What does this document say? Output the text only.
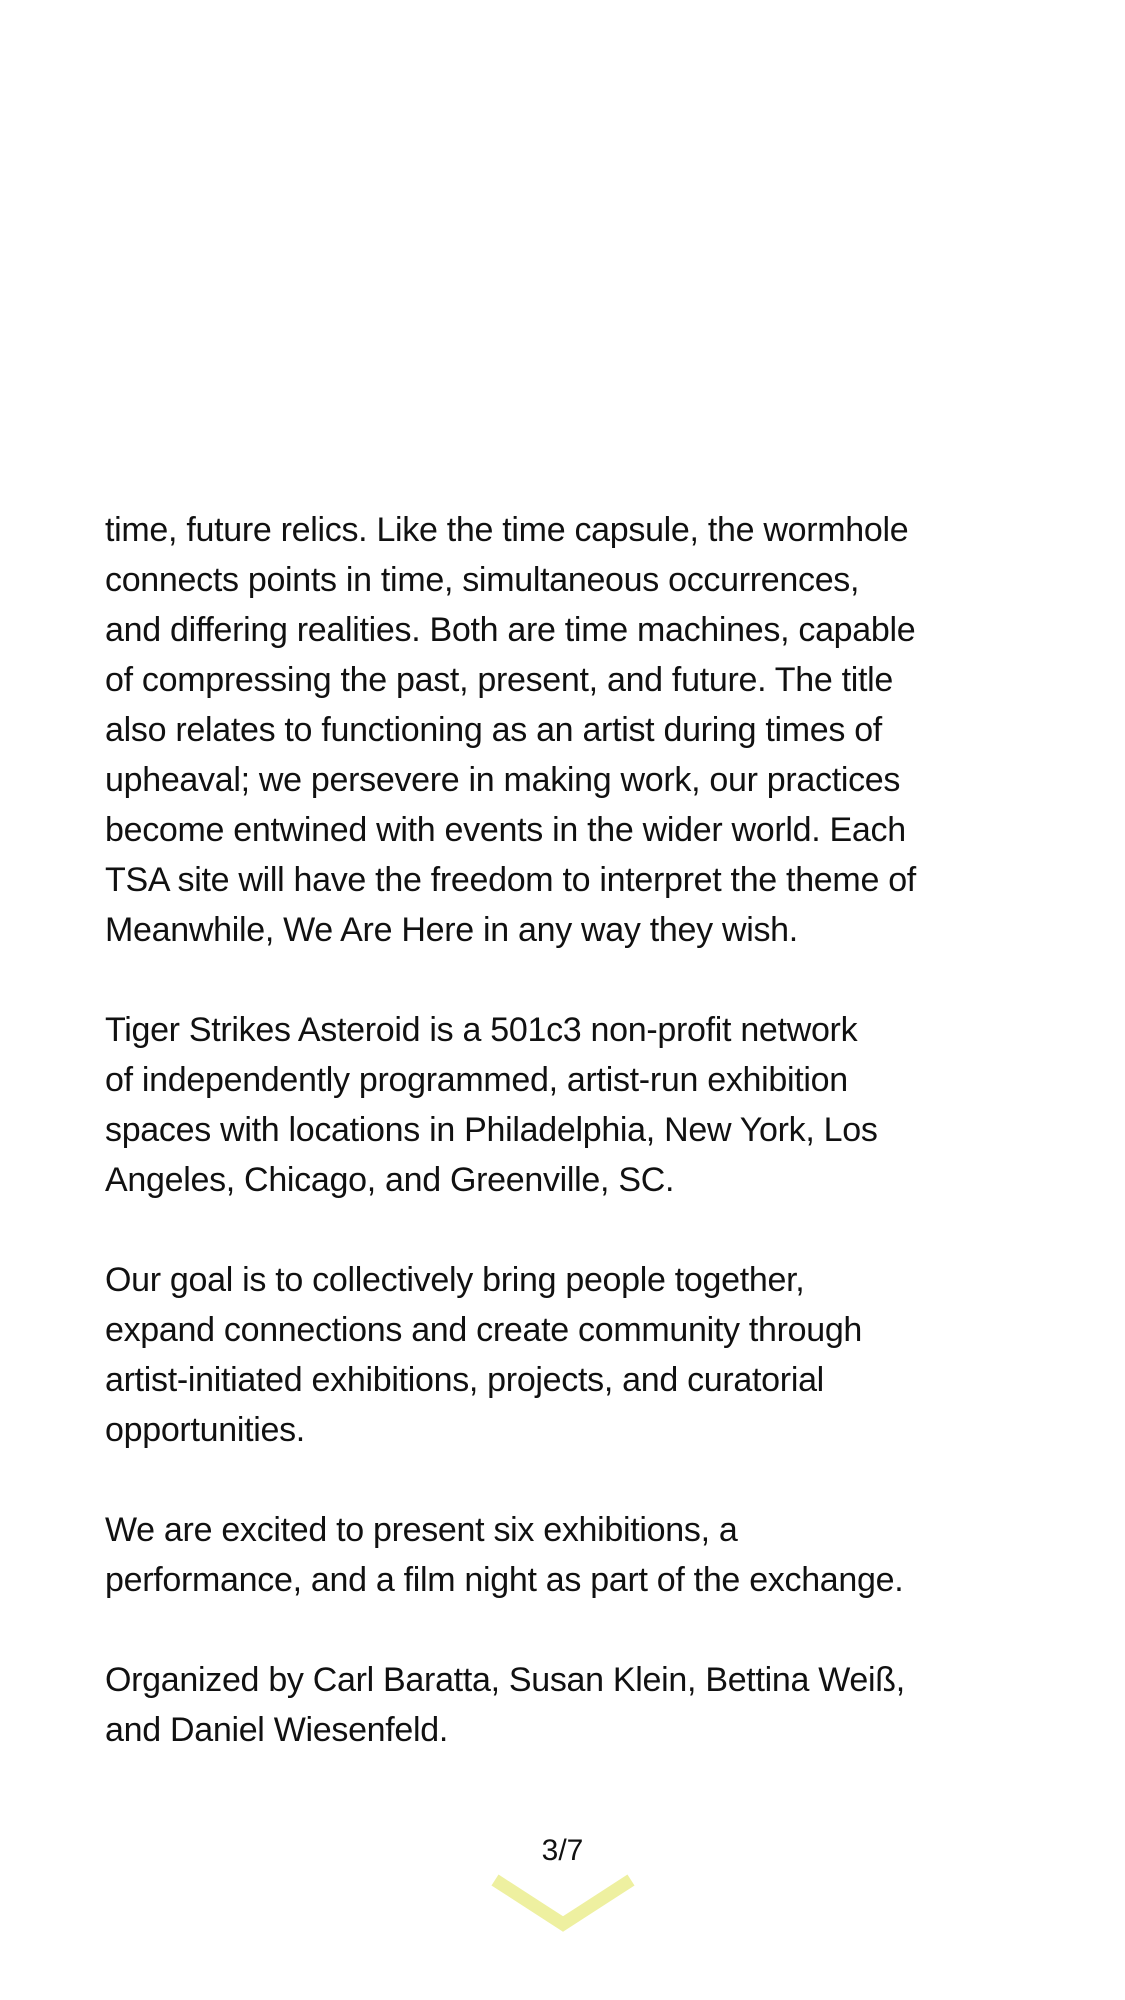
time, future relics. Like the time capsule, the wormhole
connects points in time, simultaneous occurrences,
and differing realities. Both are time machines, capable
of compressing the past, present, and future. The title
also relates to functioning as an artist during times of
upheaval; we persevere in making work, our practices
become entwined with events in the wider world. Each
TSA site will have the freedom to interpret the theme of
Meanwhile, We Are Here in any way they wish.
Tiger Strikes Asteroid is a 501c3 non-profit network
of independently programmed, artist-run exhibition
spaces with locations in Philadelphia, New York, Los
Angeles, Chicago, and Greenville, SC.
Our goal is to collectively bring people together,
expand connections and create community through
artist-initiated exhibitions, projects, and curatorial
opportunities.
We are excited to present six exhibitions, a
performance, and a film night as part of the exchange.
Organized by Carl Baratta, Susan Klein, Bettina Weiß,
and Daniel Wiesenfeld.
3/7
